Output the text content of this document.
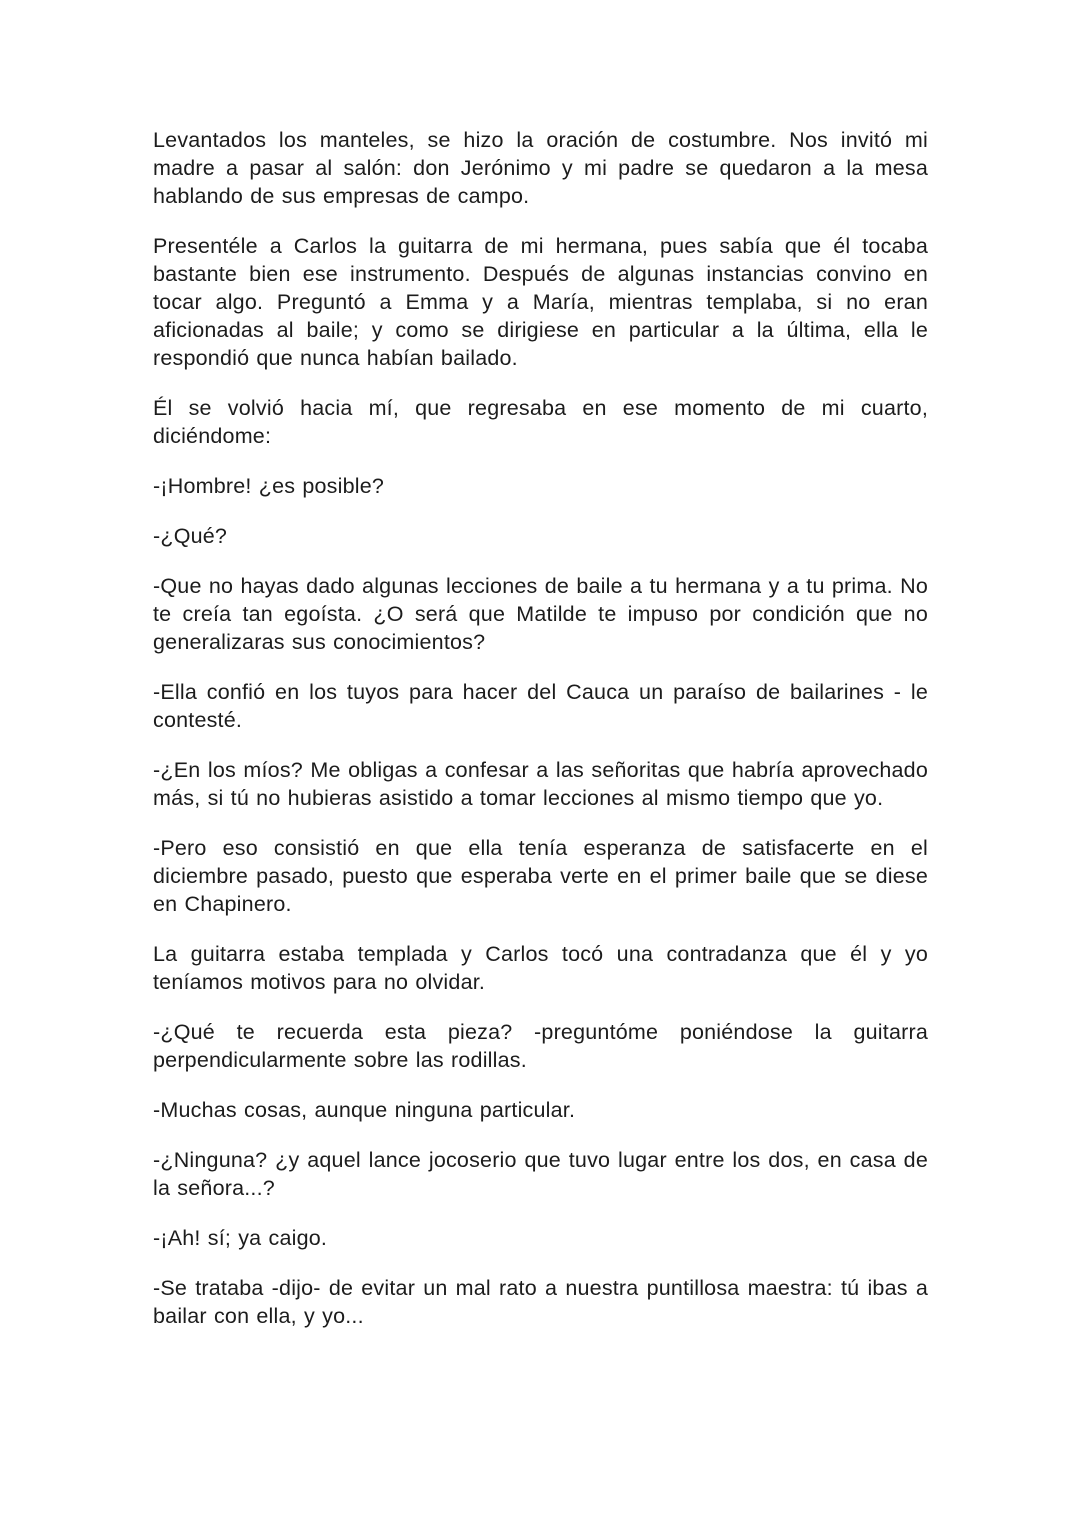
Levantados los manteles, se hizo la oración de costumbre. Nos invitó mi madre a pasar al salón: don Jerónimo y mi padre se quedaron a la mesa hablando de sus empresas de campo.

Presentéle a Carlos la guitarra de mi hermana, pues sabía que él tocaba bastante bien ese instrumento. Después de algunas instancias convino en tocar algo. Preguntó a Emma y a María, mientras templaba, si no eran aficionadas al baile; y como se dirigiese en particular a la última, ella le respondió que nunca habían bailado.

Él se volvió hacia mí, que regresaba en ese momento de mi cuarto, diciéndome:

-¡Hombre! ¿es posible?

-¿Qué?

-Que no hayas dado algunas lecciones de baile a tu hermana y a tu prima. No te creía tan egoísta. ¿O será que Matilde te impuso por condición que no generalizaras sus conocimientos?

-Ella confió en los tuyos para hacer del Cauca un paraíso de bailarines - le contesté.

-¿En los míos? Me obligas a confesar a las señoritas que habría aprovechado más, si tú no hubieras asistido a tomar lecciones al mismo tiempo que yo.

-Pero eso consistió en que ella tenía esperanza de satisfacerte en el diciembre pasado, puesto que esperaba verte en el primer baile que se diese en Chapinero.

La guitarra estaba templada y Carlos tocó una contradanza que él y yo teníamos motivos para no olvidar.

-¿Qué te recuerda esta pieza? -preguntóme poniéndose la guitarra perpendicularmente sobre las rodillas.

-Muchas cosas, aunque ninguna particular.

-¿Ninguna? ¿y aquel lance jocoserio que tuvo lugar entre los dos, en casa de la señora...?

-¡Ah! sí; ya caigo.

-Se trataba -dijo- de evitar un mal rato a nuestra puntillosa maestra: tú ibas a bailar con ella, y yo...
